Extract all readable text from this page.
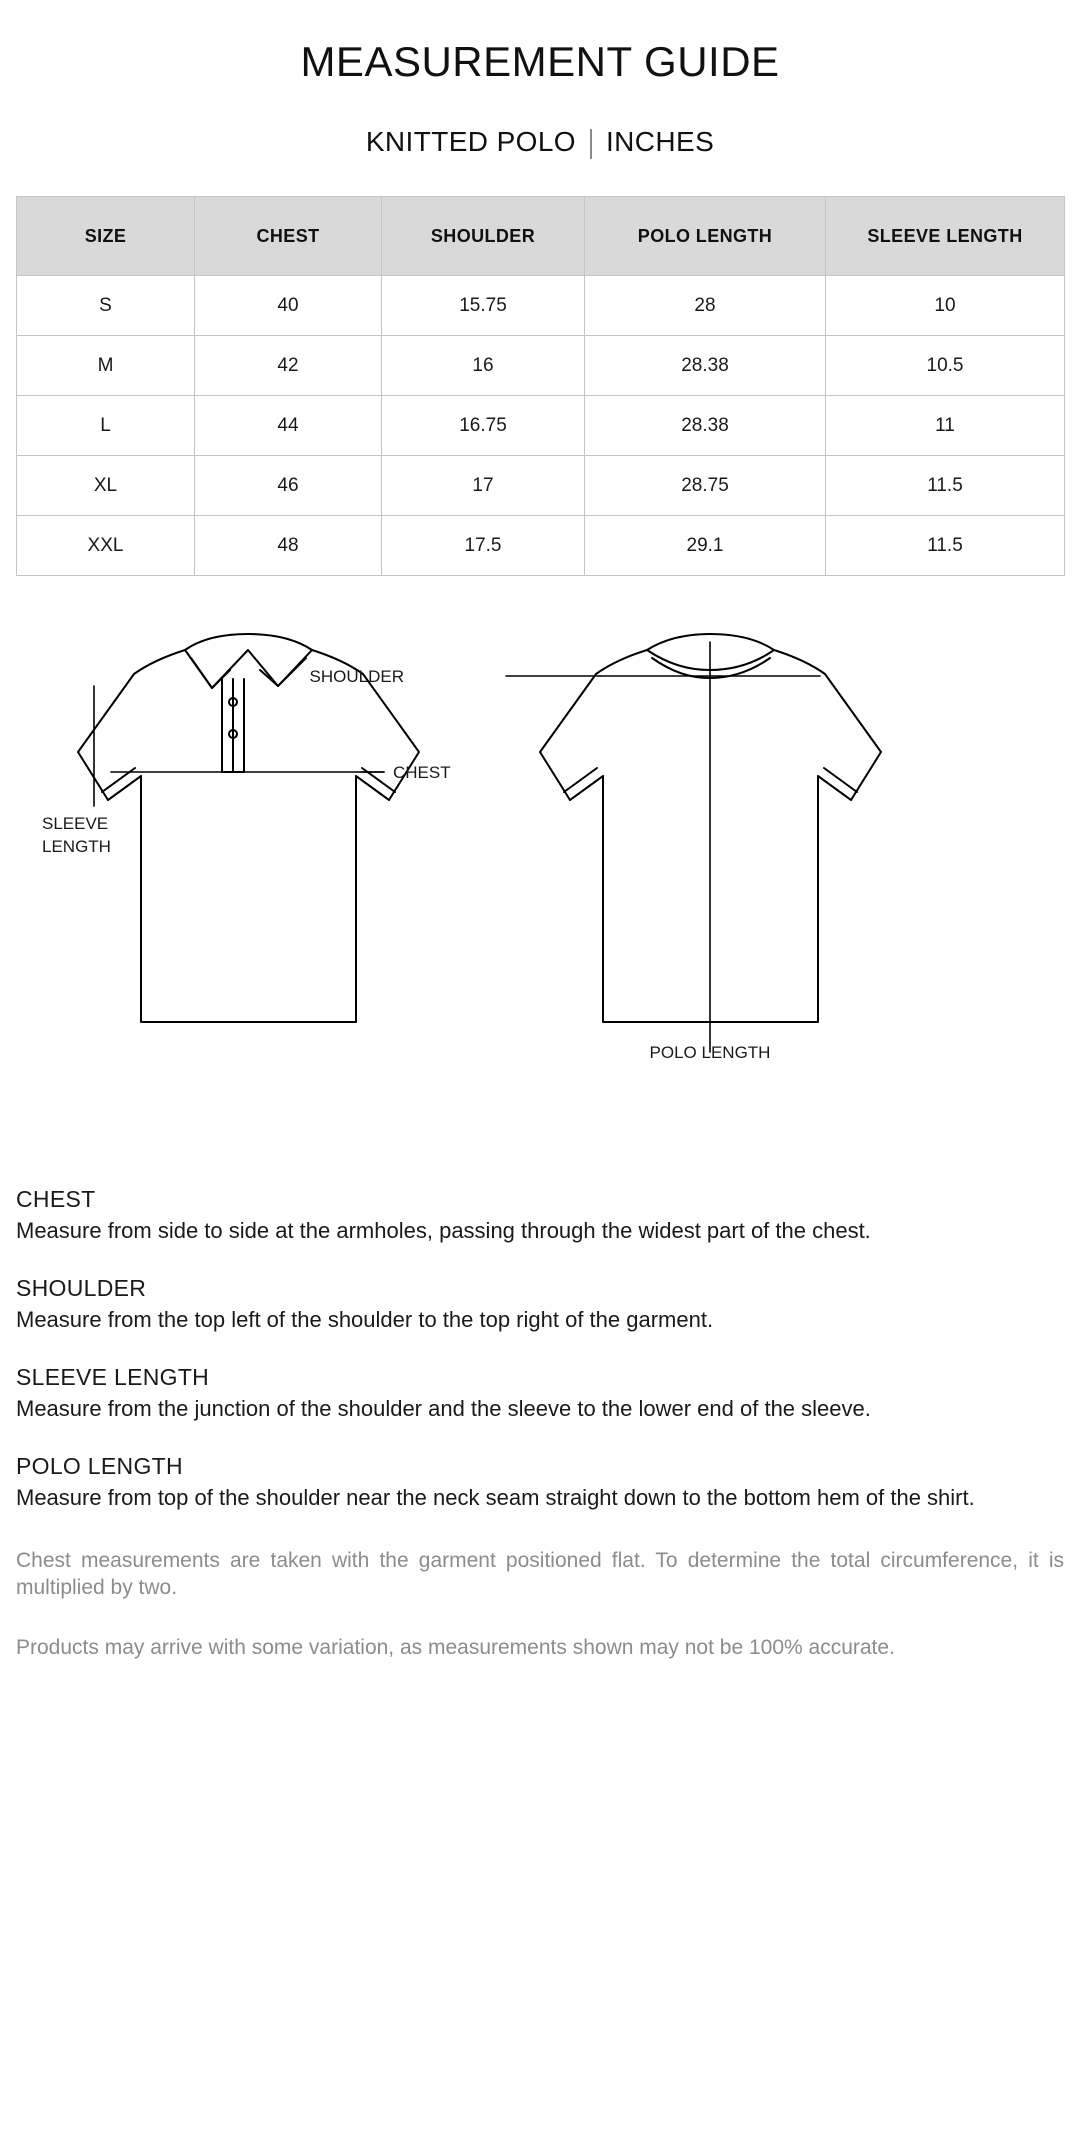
MEASUREMENT GUIDE
KNITTED POLO INCHES
SIZE	CHEST	SHOULDER	POLO LENGTH	SLEEVE LENGTH
S	40	15.75	28	10
M	42	16	28.38	10.5
L	44	16.75	28.38	11
XL	46	17	28.75	11.5
XXL	48	17.5	29.1	11.5
SLEEVE
LENGTH
CHEST
SHOULDER
POLO LENGTH
CHEST
Measure from side to side at the armholes, passing through the widest part of the chest.
SHOULDER
Measure from the top left of the shoulder to the top right of the garment.
SLEEVE LENGTH
Measure from the junction of the shoulder and the sleeve to the lower end of the sleeve.
POLO LENGTH
Measure from top of the shoulder near the neck seam straight down to the bottom hem of the shirt.
Chest measurements are taken with the garment positioned flat. To determine the total circumference, it is multiplied by two.
Products may arrive with some variation, as measurements shown may not be 100% accurate.
